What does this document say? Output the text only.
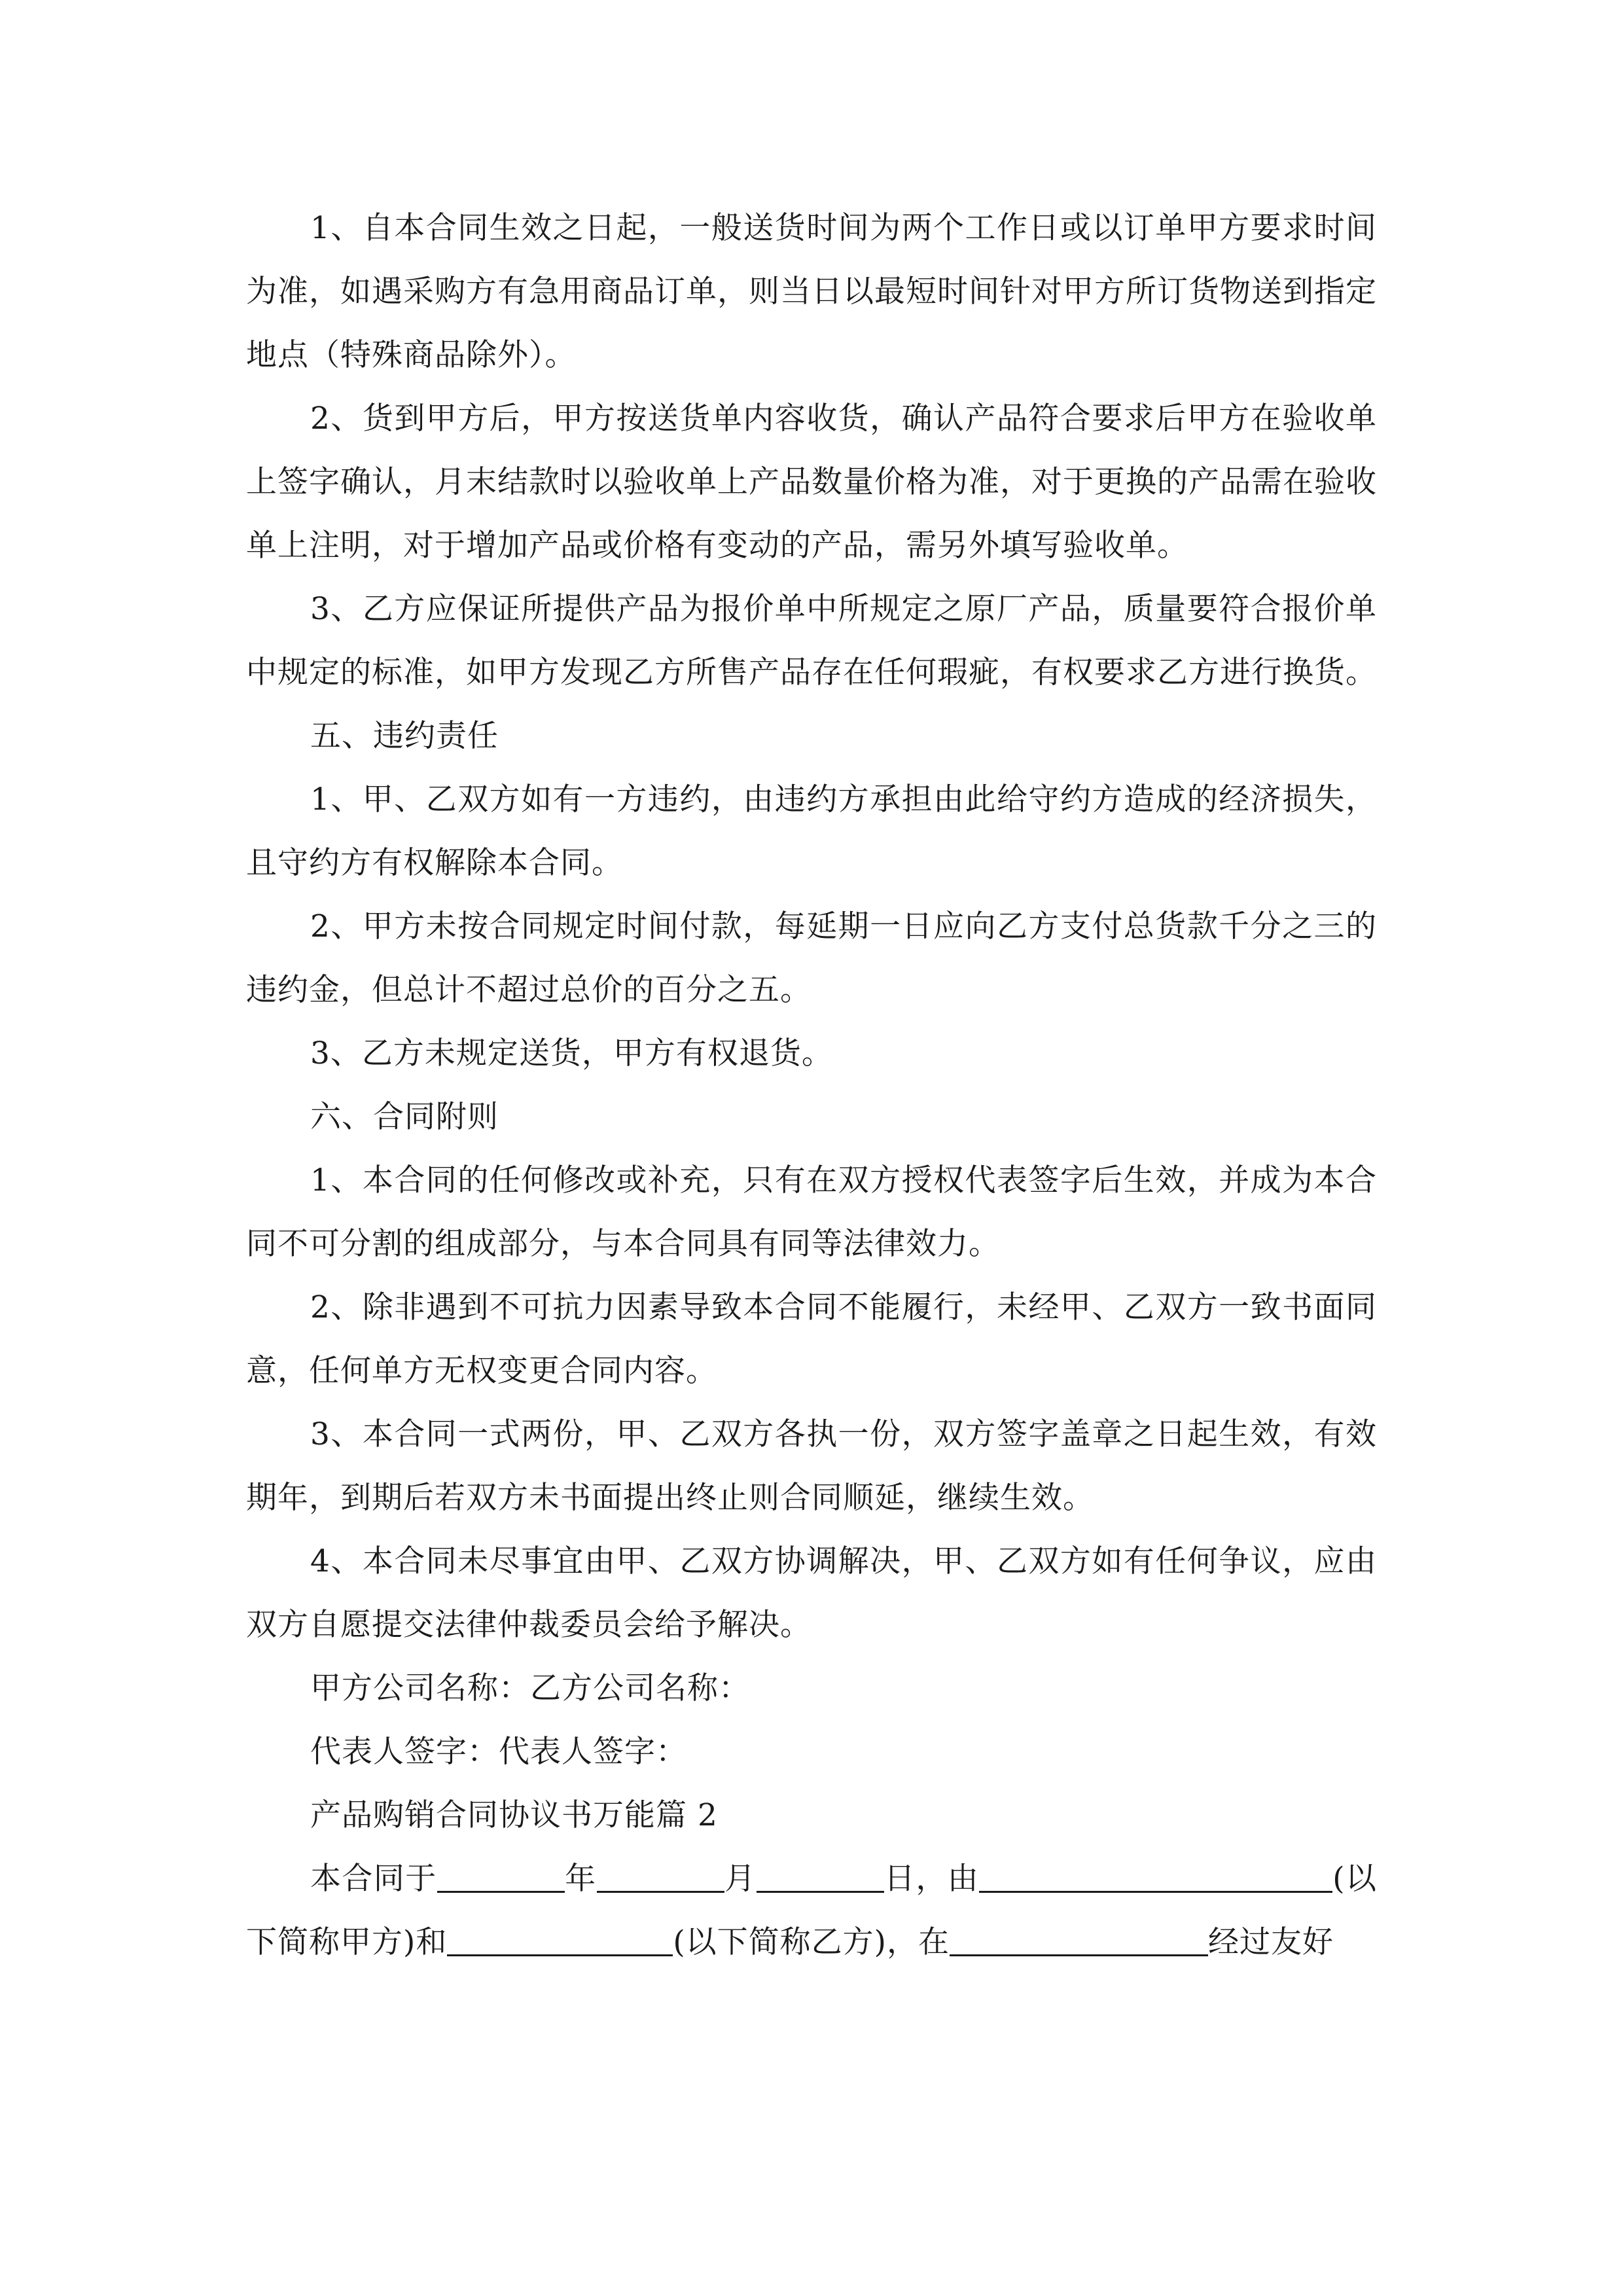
1、自本合同生效之日起，一般送货时间为两个工作日或以订单甲方要求时间为准，如遇采购方有急用商品订单，则当日以最短时间针对甲方所订货物送到指定地点（特殊商品除外）。

2、货到甲方后，甲方按送货单内容收货，确认产品符合要求后甲方在验收单上签字确认，月末结款时以验收单上产品数量价格为准，对于更换的产品需在验收单上注明，对于增加产品或价格有变动的产品，需另外填写验收单。

3、乙方应保证所提供产品为报价单中所规定之原厂产品，质量要符合报价单中规定的标准，如甲方发现乙方所售产品存在任何瑕疵，有权要求乙方进行换货。

五、违约责任

1、甲、乙双方如有一方违约，由违约方承担由此给守约方造成的经济损失，且守约方有权解除本合同。

2、甲方未按合同规定时间付款，每延期一日应向乙方支付总货款千分之三的违约金，但总计不超过总价的百分之五。

3、乙方未规定送货，甲方有权退货。

六、合同附则

1、本合同的任何修改或补充，只有在双方授权代表签字后生效，并成为本合同不可分割的组成部分，与本合同具有同等法律效力。

2、除非遇到不可抗力因素导致本合同不能履行，未经甲、乙双方一致书面同意，任何单方无权变更合同内容。

3、本合同一式两份，甲、乙双方各执一份，双方签字盖章之日起生效，有效期年，到期后若双方未书面提出终止则合同顺延，继续生效。

4、本合同未尽事宜由甲、乙双方协调解决，甲、乙双方如有任何争议，应由双方自愿提交法律仲裁委员会给予解决。

甲方公司名称：乙方公司名称：

代表人签字：代表人签字：

产品购销合同协议书万能篇 2

本合同于	年	月	日，由	(以下简称甲方)和	(以下简称乙方)，在	经过友好
